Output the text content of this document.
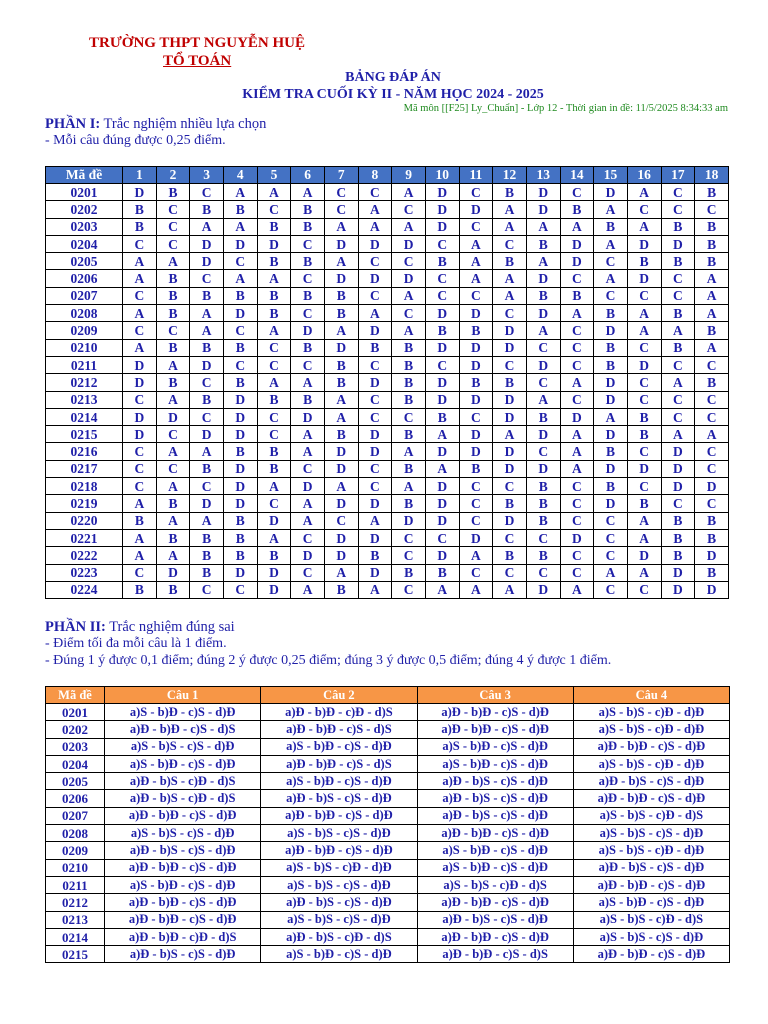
TRƯỜNG THPT NGUYỄN HUỆ
TỔ TOÁN
BẢNG ĐÁP ÁN
KIỂM TRA CUỐI KỲ II - NĂM HỌC 2024 - 2025
Mã môn [[F25] Ly_Chuẩn] - Lớp 12 - Thời gian in đề: 11/5/2025 8:34:33 am
PHẦN I: Trắc nghiệm nhiều lựa chọn
- Mỗi câu đúng được 0,25 điểm.
Mã đề	1	2	3	4	5	6	7	8	9	10	11	12	13	14	15	16	17	18
0201	D	B	C	A	A	A	C	C	A	D	C	B	D	C	D	A	C	B
0202	B	C	B	B	C	B	C	A	C	D	D	A	D	B	A	C	C	C
0203	B	C	A	A	B	B	A	A	A	D	C	A	A	A	B	A	B	B
0204	C	C	D	D	D	C	D	D	D	C	A	C	B	D	A	D	D	B
0205	A	A	D	C	B	B	A	C	C	B	A	B	A	D	C	B	B	B
0206	A	B	C	A	A	C	D	D	D	C	A	A	D	C	A	D	C	A
0207	C	B	B	B	B	B	B	C	A	C	C	A	B	B	C	C	C	A
0208	A	B	A	D	B	C	B	A	C	D	D	C	D	A	B	A	B	A
0209	C	C	A	C	A	D	A	D	A	B	B	D	A	C	D	A	A	B
0210	A	B	B	B	C	B	D	B	B	D	D	D	C	C	B	C	B	A
0211	D	A	D	C	C	C	B	C	B	C	D	C	D	C	B	D	C	C
0212	D	B	C	B	A	A	B	D	B	D	B	B	C	A	D	C	A	B
0213	C	A	B	D	B	B	A	C	B	D	D	D	A	C	D	C	C	C
0214	D	D	C	D	C	D	A	C	C	B	C	D	B	D	A	B	C	C
0215	D	C	D	D	C	A	B	D	B	A	D	A	D	A	D	B	A	A
0216	C	A	A	B	B	A	D	D	A	D	D	D	C	A	B	C	D	C
0217	C	C	B	D	B	C	D	C	B	A	B	D	D	A	D	D	D	C
0218	C	A	C	D	A	D	A	C	A	D	C	C	B	C	B	C	D	D
0219	A	B	D	D	C	A	D	D	B	D	C	B	B	C	D	B	C	C
0220	B	A	A	B	D	A	C	A	D	D	C	D	B	C	C	A	B	B
0221	A	B	B	B	A	C	D	D	C	C	D	C	C	D	C	A	B	B
0222	A	A	B	B	B	D	D	B	C	D	A	B	B	C	C	D	B	D
0223	C	D	B	D	D	C	A	D	B	B	C	C	C	C	A	A	D	B
0224	B	B	C	C	D	A	B	A	C	A	A	A	D	A	C	C	D	D
PHẦN II: Trắc nghiệm đúng sai
- Điểm tối đa mỗi câu là 1 điểm.
- Đúng 1 ý được 0,1 điểm; đúng 2 ý được 0,25 điểm; đúng 3 ý được 0,5 điểm; đúng 4 ý được 1 điểm.
Mã đề	Câu 1	Câu 2	Câu 3	Câu 4
0201	a)S - b)Đ - c)S - d)Đ	a)Đ - b)Đ - c)Đ - d)S	a)Đ - b)Đ - c)S - d)Đ	a)S - b)S - c)Đ - d)Đ
0202	a)Đ - b)Đ - c)S - d)S	a)Đ - b)Đ - c)S - d)S	a)Đ - b)Đ - c)S - d)Đ	a)S - b)S - c)Đ - d)Đ
0203	a)S - b)S - c)S - d)Đ	a)S - b)Đ - c)S - d)Đ	a)S - b)Đ - c)S - d)Đ	a)Đ - b)Đ - c)S - d)Đ
0204	a)S - b)Đ - c)S - d)Đ	a)Đ - b)Đ - c)S - d)S	a)S - b)Đ - c)S - d)Đ	a)S - b)S - c)Đ - d)Đ
0205	a)Đ - b)S - c)Đ - d)S	a)S - b)Đ - c)S - d)Đ	a)Đ - b)S - c)S - d)Đ	a)Đ - b)S - c)S - d)Đ
0206	a)Đ - b)S - c)Đ - d)S	a)Đ - b)S - c)S - d)Đ	a)Đ - b)S - c)S - d)Đ	a)Đ - b)Đ - c)S - d)Đ
0207	a)Đ - b)Đ - c)S - d)Đ	a)Đ - b)Đ - c)S - d)Đ	a)Đ - b)S - c)S - d)Đ	a)S - b)S - c)Đ - d)S
0208	a)S - b)S - c)S - d)Đ	a)S - b)S - c)S - d)Đ	a)Đ - b)Đ - c)S - d)Đ	a)S - b)S - c)S - d)Đ
0209	a)Đ - b)S - c)S - d)Đ	a)Đ - b)Đ - c)S - d)Đ	a)S - b)Đ - c)S - d)Đ	a)S - b)S - c)Đ - d)Đ
0210	a)Đ - b)Đ - c)S - d)Đ	a)S - b)S - c)Đ - d)Đ	a)S - b)Đ - c)S - d)Đ	a)Đ - b)S - c)S - d)Đ
0211	a)S - b)Đ - c)S - d)Đ	a)S - b)S - c)S - d)Đ	a)S - b)S - c)Đ - d)S	a)Đ - b)Đ - c)S - d)Đ
0212	a)Đ - b)Đ - c)S - d)Đ	a)Đ - b)S - c)S - d)Đ	a)Đ - b)Đ - c)S - d)Đ	a)S - b)Đ - c)S - d)Đ
0213	a)Đ - b)Đ - c)S - d)Đ	a)S - b)S - c)S - d)Đ	a)Đ - b)S - c)S - d)Đ	a)S - b)S - c)Đ - d)S
0214	a)Đ - b)Đ - c)Đ - d)S	a)Đ - b)S - c)Đ - d)S	a)Đ - b)Đ - c)S - d)Đ	a)S - b)S - c)S - d)Đ
0215	a)Đ - b)S - c)S - d)Đ	a)S - b)Đ - c)S - d)Đ	a)Đ - b)Đ - c)S - d)S	a)Đ - b)Đ - c)S - d)Đ
